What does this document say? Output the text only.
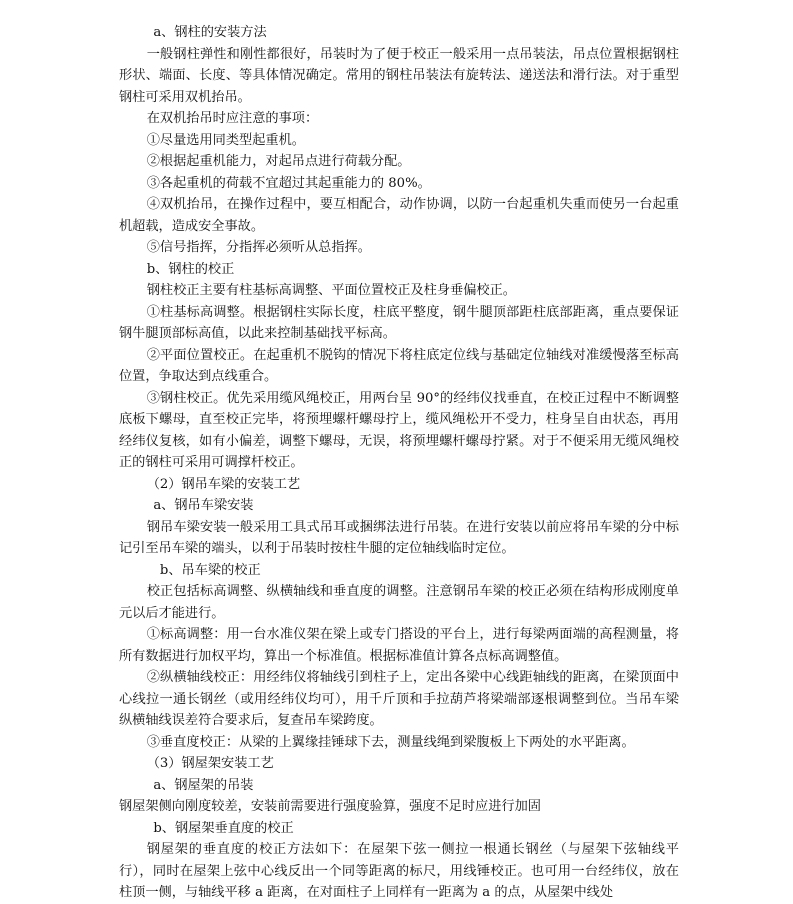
a、钢柱的安装方法

一般钢柱弹性和刚性都很好，吊装时为了便于校正一般采用一点吊装法，吊点位置根据钢柱形状、端面、长度、等具体情况确定。常用的钢柱吊装法有旋转法、递送法和滑行法。对于重型钢柱可采用双机抬吊。

在双机抬吊时应注意的事项：

①尽量选用同类型起重机。

②根据起重机能力，对起吊点进行荷载分配。

③各起重机的荷载不宜超过其起重能力的 80%。

④双机抬吊，在操作过程中，要互相配合，动作协调，以防一台起重机失重而使另一台起重机超载，造成安全事故。

⑤信号指挥，分指挥必须听从总指挥。

b、钢柱的校正

钢柱校正主要有柱基标高调整、平面位置校正及柱身垂偏校正。

①柱基标高调整。根据钢柱实际长度，柱底平整度，钢牛腿顶部距柱底部距离，重点要保证钢牛腿顶部标高值，以此来控制基础找平标高。

②平面位置校正。在起重机不脱钩的情况下将柱底定位线与基础定位轴线对准缓慢落至标高位置，争取达到点线重合。

③钢柱校正。优先采用缆风绳校正，用两台呈 90°的经纬仪找垂直，在校正过程中不断调整底板下螺母，直至校正完毕，将预埋螺杆螺母拧上，缆风绳松开不受力，柱身呈自由状态，再用经纬仪复核，如有小偏差，调整下螺母，无误，将预埋螺杆螺母拧紧。对于不便采用无缆风绳校正的钢柱可采用可调撑杆校正。

（2）钢吊车梁的安装工艺

a、钢吊车梁安装

钢吊车梁安装一般采用工具式吊耳或捆绑法进行吊装。在进行安装以前应将吊车梁的分中标  记引至吊车梁的端头，以利于吊装时按柱牛腿的定位轴线临时定位。

b、吊车梁的校正

校正包括标高调整、纵横轴线和垂直度的调整。注意钢吊车梁的校正必须在结构形成刚度单元以后才能进行。

①标高调整：用一台水准仪架在梁上或专门搭设的平台上，进行每梁两面端的高程测量，将所有数据进行加权平均，算出一个标准值。根据标准值计算各点标高调整值。

②纵横轴线校正：用经纬仪将轴线引到柱子上，定出各梁中心线距轴线的距离，在梁顶面中心线拉一通长钢丝（或用经纬仪均可），用千斤顶和手拉葫芦将梁端部逐根调整到位。当吊车梁纵横轴线误差符合要求后，复查吊车梁跨度。

③垂直度校正：从梁的上翼缘挂锤球下去，测量线绳到梁腹板上下两处的水平距离。

（3）钢屋架安装工艺

a、钢屋架的吊装

钢屋架侧向刚度较差，安装前需要进行强度验算，强度不足时应进行加固

b、钢屋架垂直度的校正

钢屋架的垂直度的校正方法如下：在屋架下弦一侧拉一根通长钢丝（与屋架下弦轴线平行），同时在屋架上弦中心线反出一个同等距离的标尺，用线锤校正。也可用一台经纬仪，放在柱顶一侧，与轴线平移 a 距离，在对面柱子上同样有一距离为 a 的点，从屋架中线处
